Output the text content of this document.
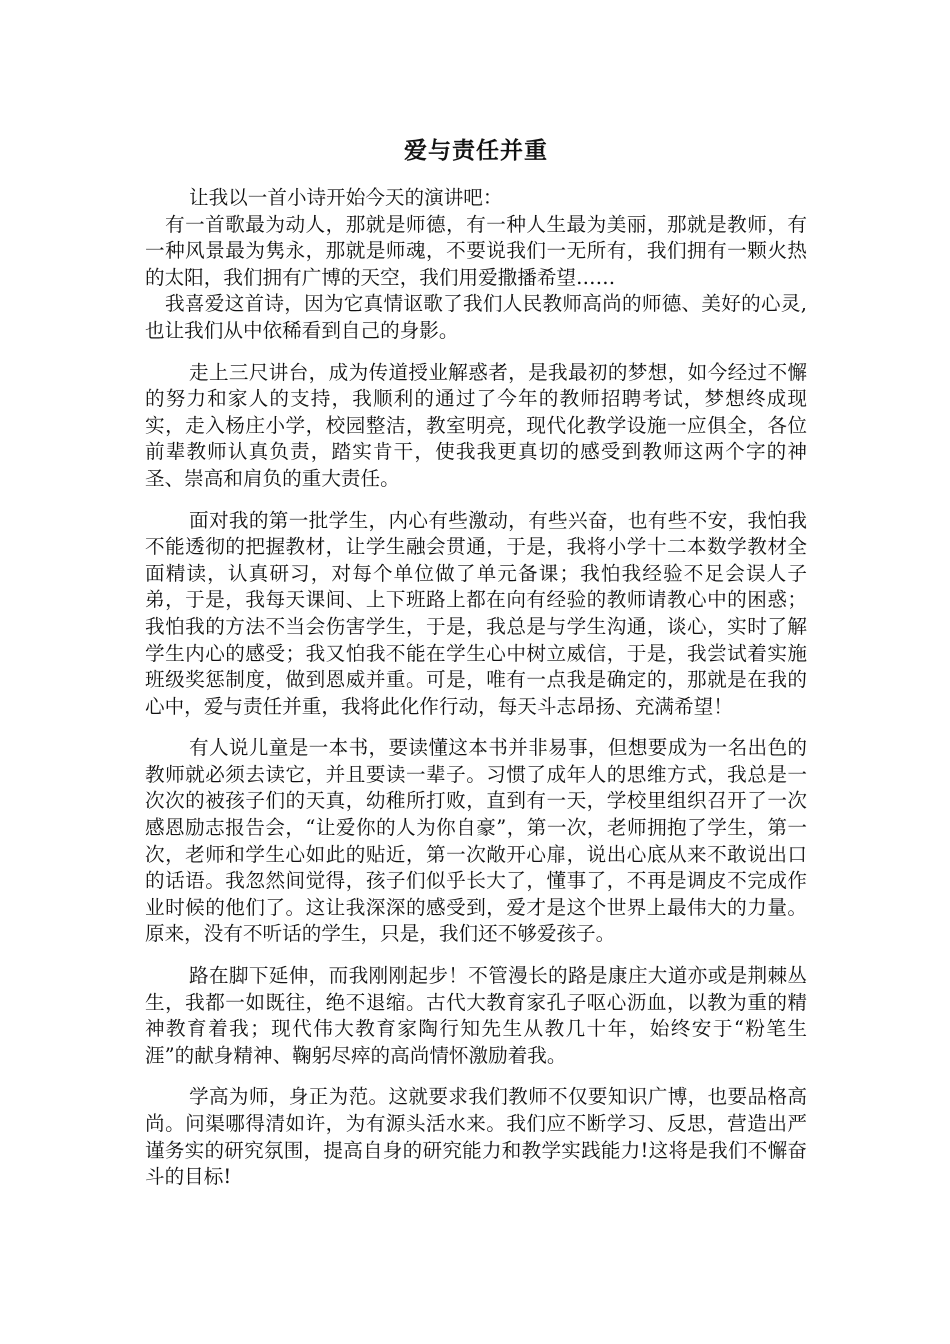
爱与责任并重

让我以一首小诗开始今天的演讲吧：

有一首歌最为动人，那就是师德，有一种人生最为美丽，那就是教师，有一种风景最为隽永，那就是师魂，不要说我们一无所有，我们拥有一颗火热的太阳，我们拥有广博的天空，我们用爱撒播希望……

我喜爱这首诗，因为它真情讴歌了我们人民教师高尚的师德、美好的心灵,也让我们从中依稀看到自己的身影。

走上三尺讲台，成为传道授业解惑者，是我最初的梦想，如今经过不懈的努力和家人的支持，我顺利的通过了今年的教师招聘考试，梦想终成现实，走入杨庄小学，校园整洁，教室明亮，现代化教学设施一应俱全，各位前辈教师认真负责，踏实肯干，使我我更真切的感受到教师这两个字的神圣、崇高和肩负的重大责任。

面对我的第一批学生，内心有些激动，有些兴奋，也有些不安，我怕我不能透彻的把握教材，让学生融会贯通，于是，我将小学十二本数学教材全面精读，认真研习，对每个单位做了单元备课；我怕我经验不足会误人子弟，于是，我每天课间、上下班路上都在向有经验的教师请教心中的困惑；我怕我的方法不当会伤害学生，于是，我总是与学生沟通，谈心，实时了解学生内心的感受；我又怕我不能在学生心中树立威信，于是，我尝试着实施班级奖惩制度，做到恩威并重。可是，唯有一点我是确定的，那就是在我的心中，爱与责任并重，我将此化作行动，每天斗志昂扬、充满希望！

有人说儿童是一本书，要读懂这本书并非易事，但想要成为一名出色的教师就必须去读它，并且要读一辈子。习惯了成年人的思维方式，我总是一次次的被孩子们的天真，幼稚所打败，直到有一天，学校里组织召开了一次感恩励志报告会，“让爱你的人为你自豪”，第一次，老师拥抱了学生，第一次，老师和学生心如此的贴近，第一次敞开心扉，说出心底从来不敢说出口的话语。我忽然间觉得，孩子们似乎长大了，懂事了，不再是调皮不完成作业时候的他们了。这让我深深的感受到，爱才是这个世界上最伟大的力量。原来，没有不听话的学生，只是，我们还不够爱孩子。

路在脚下延伸，而我刚刚起步！不管漫长的路是康庄大道亦或是荆棘丛生，我都一如既往，绝不退缩。古代大教育家孔子呕心沥血，以教为重的精神教育着我；现代伟大教育家陶行知先生从教几十年，始终安于“粉笔生涯”的献身精神、鞠躬尽瘁的高尚情怀激励着我。

学高为师，身正为范。这就要求我们教师不仅要知识广博，也要品格高尚。问渠哪得清如许，为有源头活水来。我们应不断学习、反思，营造出严谨务实的研究氛围，提高自身的研究能力和教学实践能力!这将是我们不懈奋斗的目标!
